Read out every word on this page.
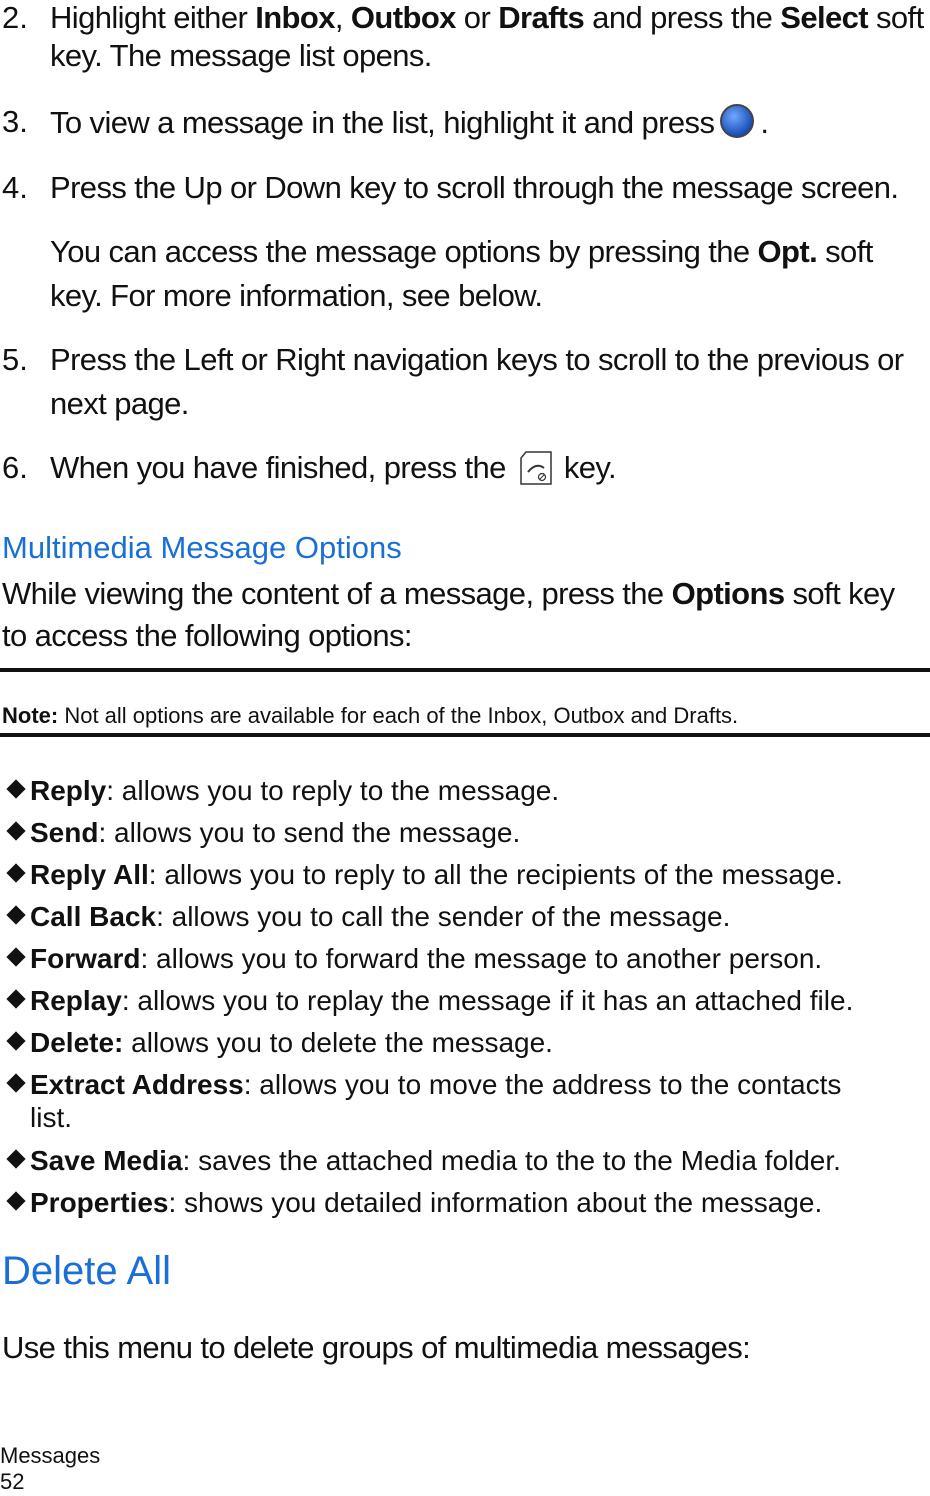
2. Highlight either Inbox, Outbox or Drafts and press the Select soft
key. The message list opens.
3. To view a message in the list, highlight it and press .
4. Press the Up or Down key to scroll through the message screen.
You can access the message options by pressing the Opt. soft
key. For more information, see below.
5. Press the Left or Right navigation keys to scroll to the previous or
next page.
6. When you have finished, press the key.
Multimedia Message Options
While viewing the content of a message, press the Options soft key
to access the following options:
Note: Not all options are available for each of the Inbox, Outbox and Drafts.
Reply: allows you to reply to the message.
Send: allows you to send the message.
Reply All: allows you to reply to all the recipients of the message.
Call Back: allows you to call the sender of the message.
Forward: allows you to forward the message to another person.
Replay: allows you to replay the message if it has an attached file.
Delete: allows you to delete the message.
Extract Address: allows you to move the address to the contacts
list.
Save Media: saves the attached media to the to the Media folder.
Properties: shows you detailed information about the message.
Delete All
Use this menu to delete groups of multimedia messages:
Messages
52
